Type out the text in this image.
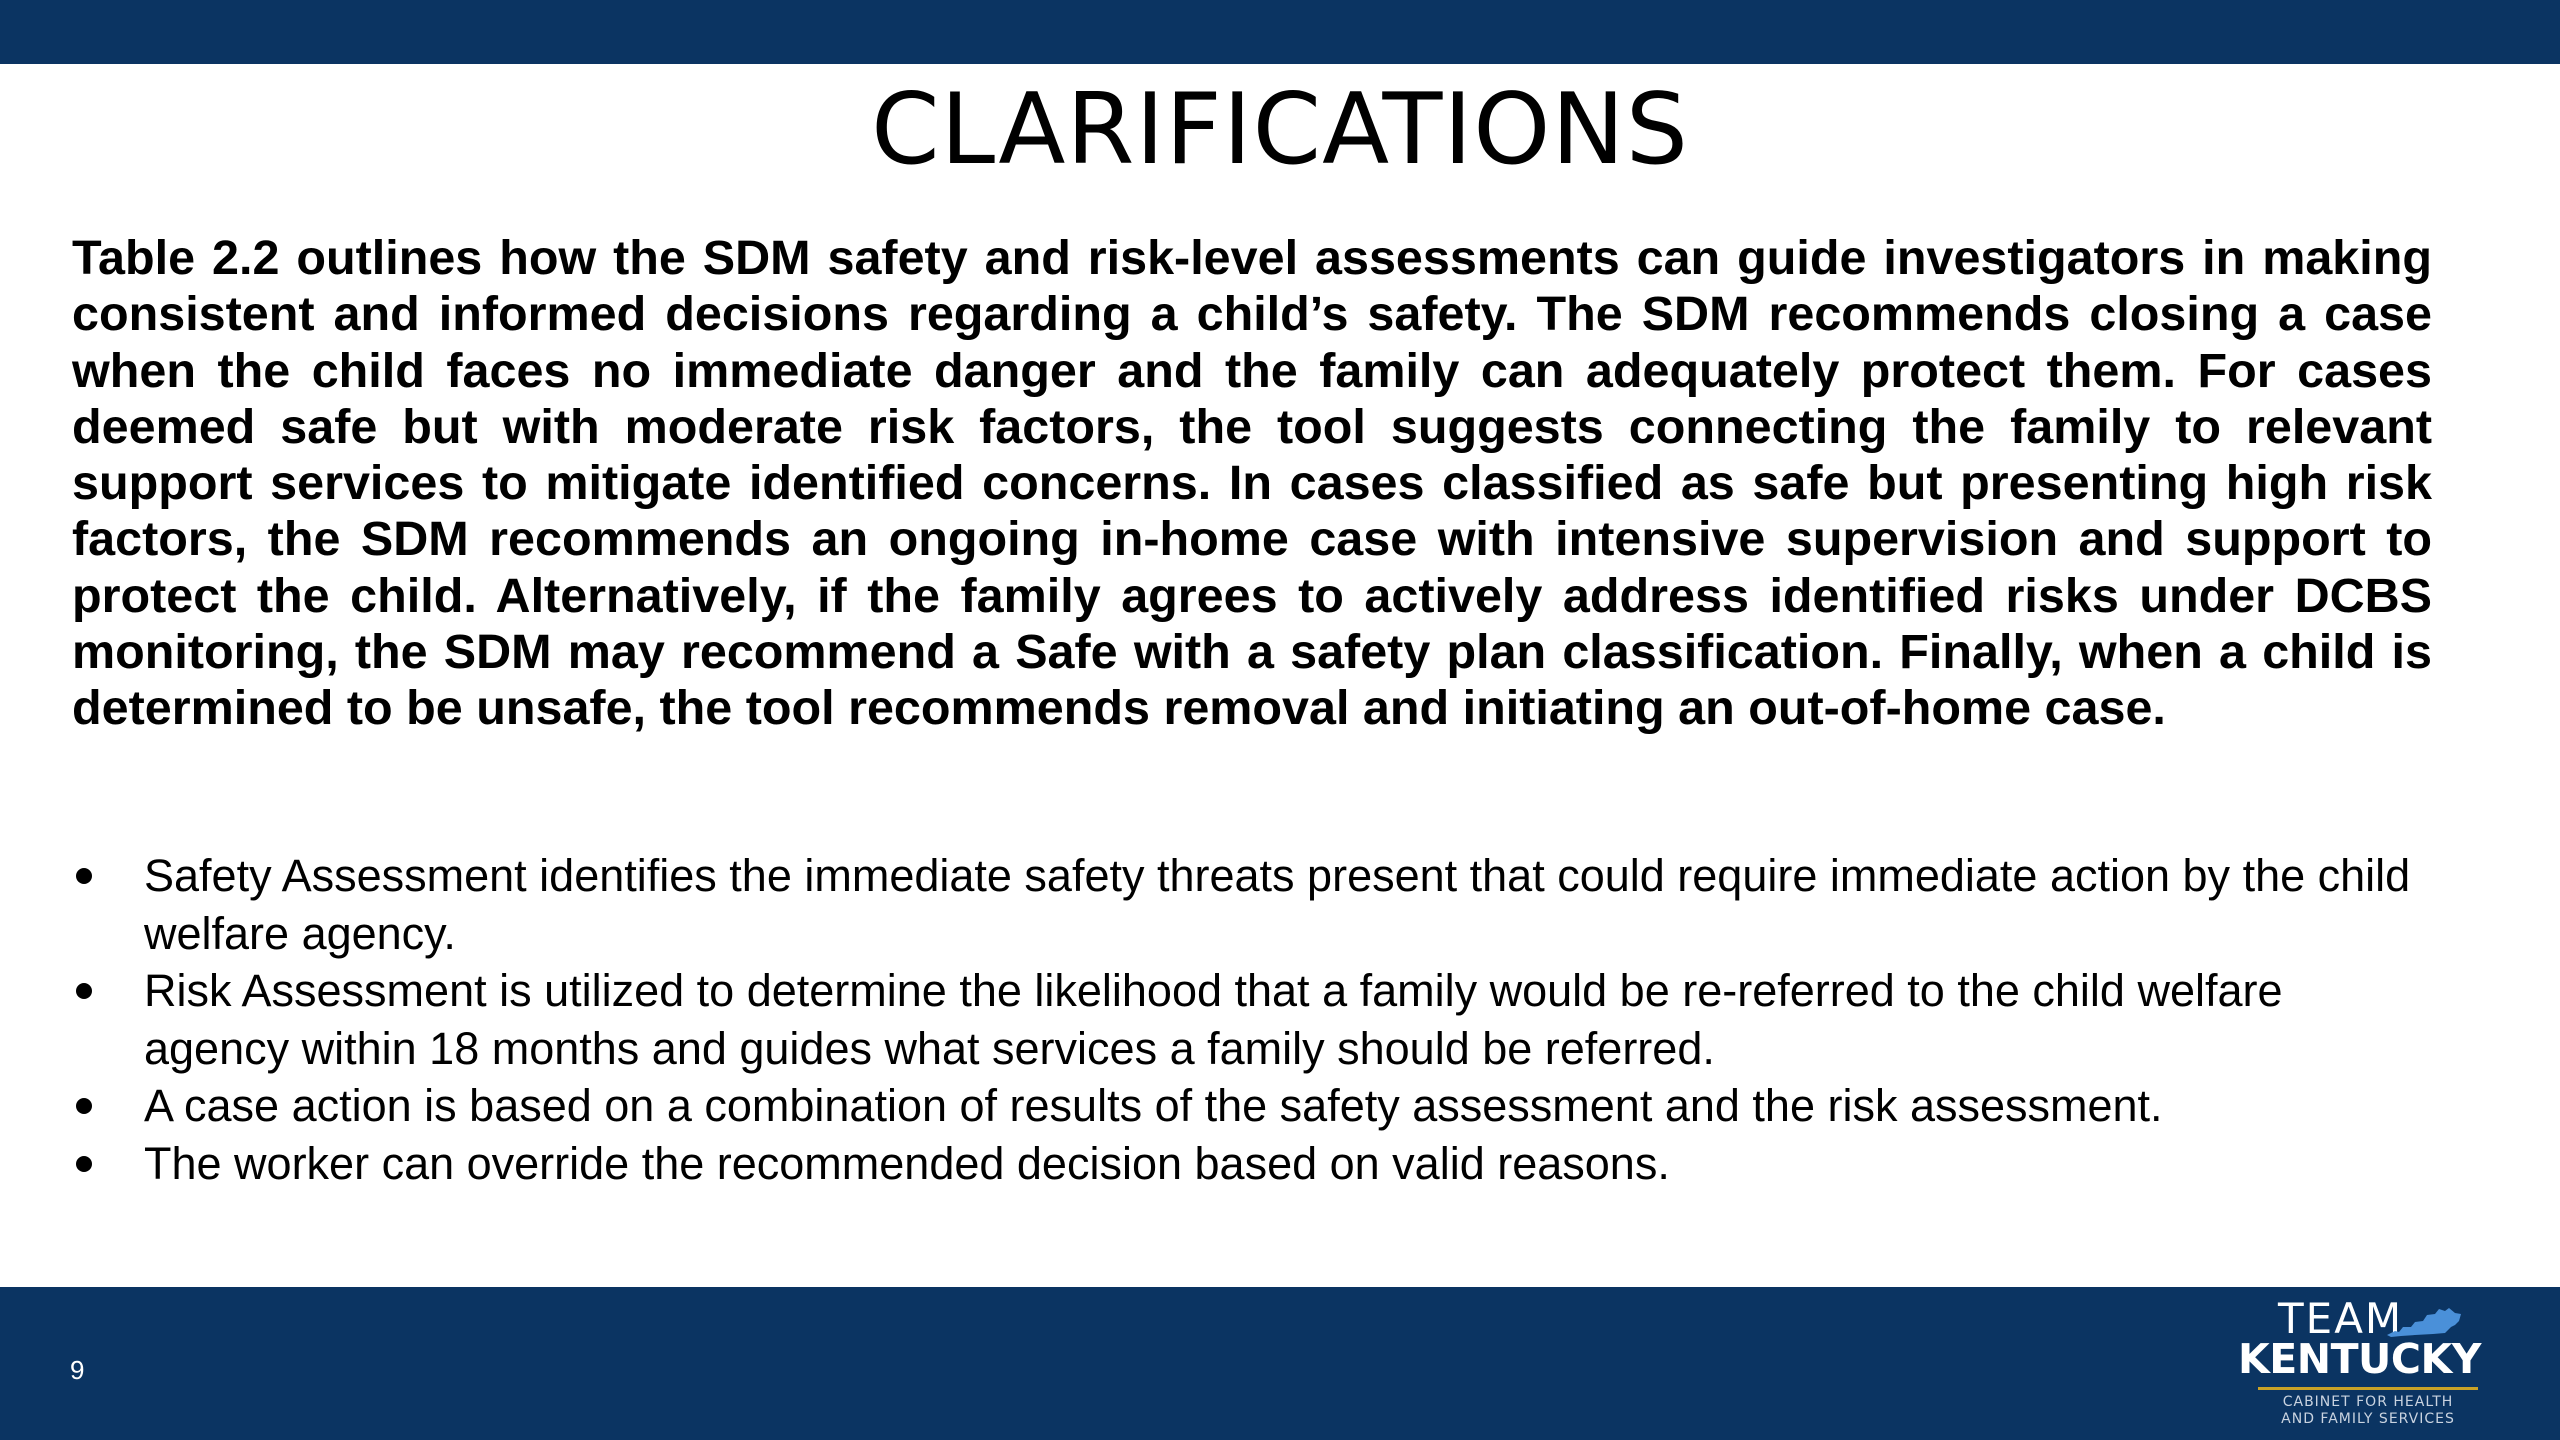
CLARIFICATIONS

Table 2.2 outlines how the SDM safety and risk-level assessments can guide investigators in making consistent and informed decisions regarding a child’s safety. The SDM recommends closing a case when the child faces no immediate danger and the family can adequately protect them. For cases deemed safe but with moderate risk factors, the tool suggests connecting the family to relevant support services to mitigate identified concerns. In cases classified as safe but presenting high risk factors, the SDM recommends an ongoing in-home case with intensive supervision and support to protect the child. Alternatively, if the family agrees to actively address identified risks under DCBS monitoring, the SDM may recommend a Safe with a safety plan classification. Finally, when a child is determined to be unsafe, the tool recommends removal and initiating an out-of-home case.

Safety Assessment identifies the immediate safety threats present that could require immediate action by the child welfare agency.
Risk Assessment is utilized to determine the likelihood that a family would be re-referred to the child welfare agency within 18 months and guides what services a family should be referred.
A case action is based on a combination of results of the safety assessment and the risk assessment.
The worker can override the recommended decision based on valid reasons.
9
TEAM
KENTUCKY
CABINET FOR HEALTH
AND FAMILY SERVICES
